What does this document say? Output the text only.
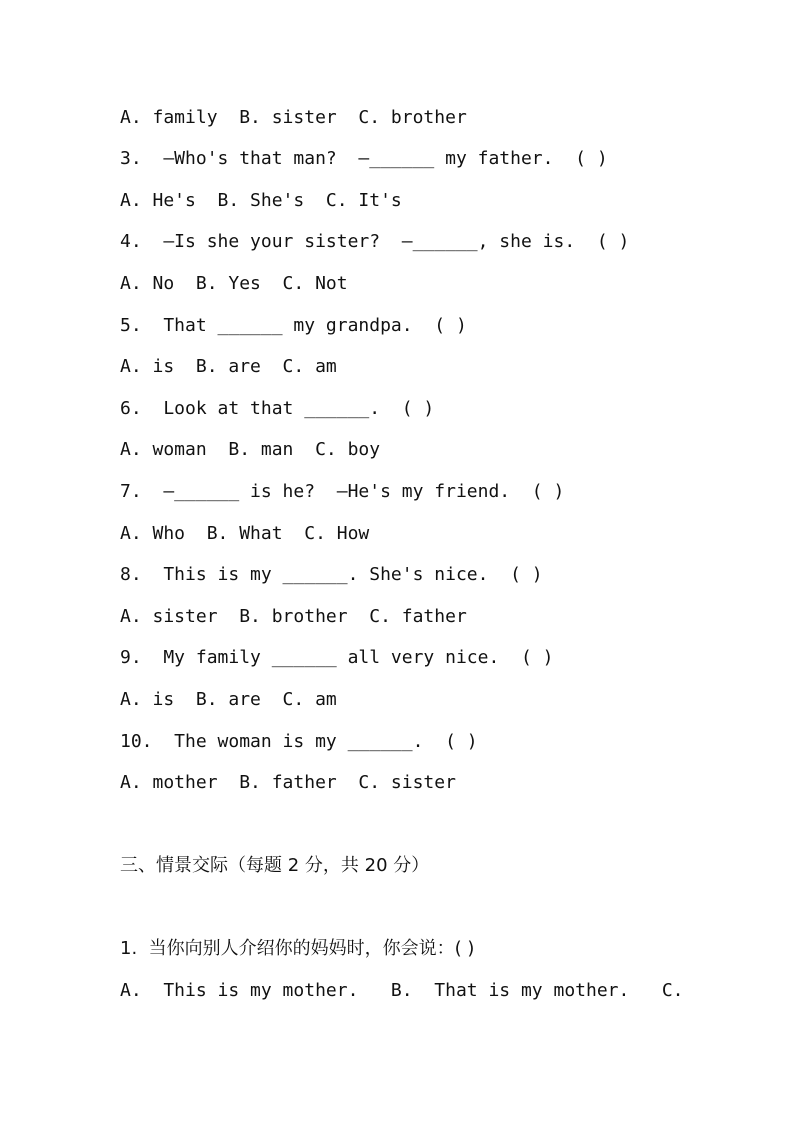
A. family  B. sister  C. brother
3.  —Who's that man?  —______ my father.  ( )
A. He's  B. She's  C. It's
4.  —Is she your sister?  —______, she is.  ( )
A. No  B. Yes  C. Not
5.  That ______ my grandpa.  ( )
A. is  B. are  C. am
6.  Look at that ______.  ( )
A. woman  B. man  C. boy
7.  —______ is he?  —He's my friend.  ( )
A. Who  B. What  C. How
8.  This is my ______. She's nice.  ( )
A. sister  B. brother  C. father
9.  My family ______ all very nice.  ( )
A. is  B. are  C. am
10.  The woman is my ______.  ( )
A. mother  B. father  C. sister
三、情景交际（每题 2 分，共 20 分）
1.  当你向别人介绍你的妈妈时，你会说：( )
A.  This is my mother.   B.  That is my mother.   C.
